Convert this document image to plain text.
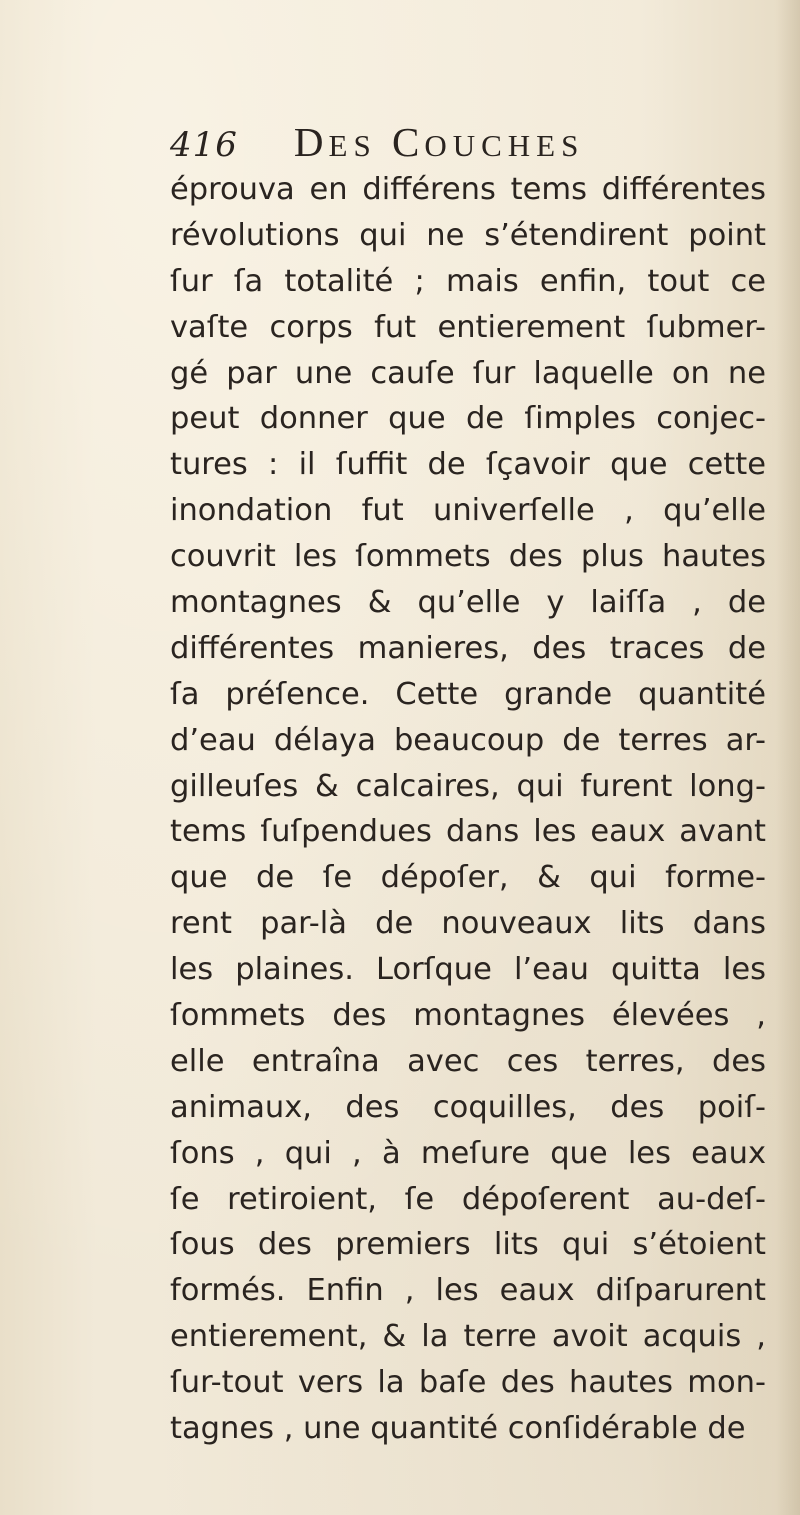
416 DES COUCHES
éprouva en différens tems différentes
révolutions qui ne s’étendirent point
ſur ſa totalité ; mais enfin, tout ce
vaſte corps fut entierement ſubmer-
gé par une cauſe ſur laquelle on ne
peut donner que de ſimples conjec-
tures : il ſuffit de ſçavoir que cette
inondation fut univerſelle , qu’elle
couvrit les ſommets des plus hautes
montagnes & qu’elle y laiſſa , de
différentes manieres, des traces de
ſa préſence. Cette grande quantité
d’eau délaya beaucoup de terres ar-
gilleuſes & calcaires, qui furent long-
tems ſuſpendues dans les eaux avant
que de ſe dépoſer, & qui forme-
rent par-là de nouveaux lits dans
les plaines. Lorſque l’eau quitta les
ſommets des montagnes élevées ,
elle entraîna avec ces terres, des
animaux, des coquilles, des poiſ-
ſons , qui , à meſure que les eaux
ſe retiroient, ſe dépoſerent au-deſ-
ſous des premiers lits qui s’étoient
formés. Enfin , les eaux diſparurent
entierement, & la terre avoit acquis ,
ſur-tout vers la baſe des hautes mon-
tagnes , une quantité conſidérable de
